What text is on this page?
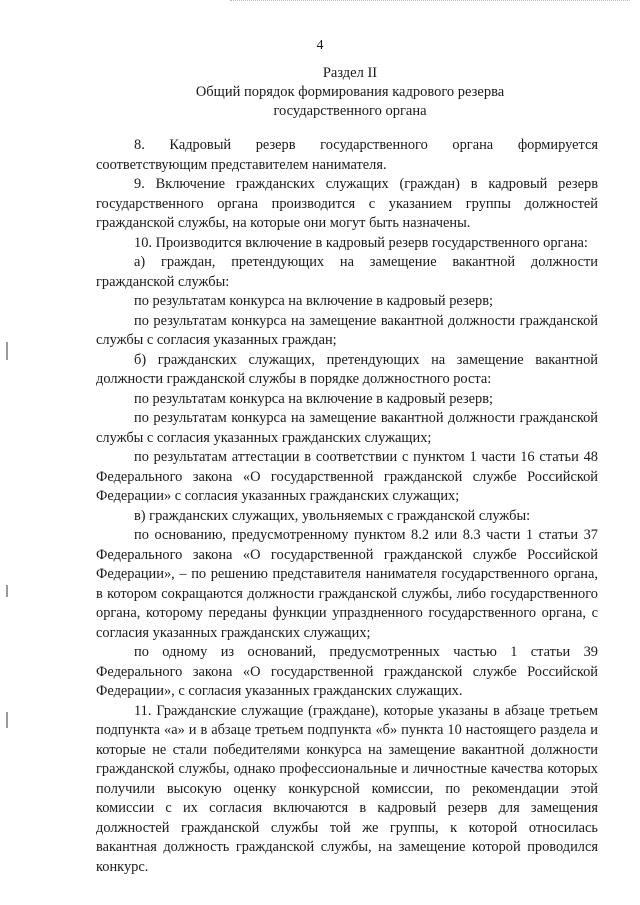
4
Раздел II
Общий порядок формирования кадрового резерва
государственного органа

8. Кадровый резерв государственного органа формируется соответствующим представителем нанимателя.

9. Включение гражданских служащих (граждан) в кадровый резерв государственного органа производится с указанием группы должностей гражданской службы, на которые они могут быть назначены.

10. Производится включение в кадровый резерв государственного органа:

а) граждан, претендующих на замещение вакантной должности гражданской службы:

по результатам конкурса на включение в кадровый резерв;

по результатам конкурса на замещение вакантной должности гражданской службы с согласия указанных граждан;

б) гражданских служащих, претендующих на замещение вакантной должности гражданской службы в порядке должностного роста:

по результатам конкурса на включение в кадровый резерв;

по результатам конкурса на замещение вакантной должности гражданской службы с согласия указанных гражданских служащих;

по результатам аттестации в соответствии с пунктом 1 части 16 статьи 48 Федерального закона «О государственной гражданской службе Российской Федерации» с согласия указанных гражданских служащих;

в) гражданских служащих, увольняемых с гражданской службы:

по основанию, предусмотренному пунктом 8.2 или 8.3 части 1 статьи 37 Федерального закона «О государственной гражданской службе Российской Федерации», – по решению представителя нанимателя государственного органа, в котором сокращаются должности гражданской службы, либо государственного органа, которому переданы функции упраздненного государственного органа, с согласия указанных гражданских служащих;

по одному из оснований, предусмотренных частью 1 статьи 39 Федерального закона «О государственной гражданской службе Российской Федерации», с согласия указанных гражданских служащих.

11. Гражданские служащие (граждане), которые указаны в абзаце третьем подпункта «а» и в абзаце третьем подпункта «б» пункта 10 настоящего раздела и которые не стали победителями конкурса на замещение вакантной должности гражданской службы, однако профессиональные и личностные качества которых получили высокую оценку конкурсной комиссии, по рекомендации этой комиссии с их согласия включаются в кадровый резерв для замещения должностей гражданской службы той же группы, к которой относилась вакантная должность гражданской службы, на замещение которой проводился конкурс.
